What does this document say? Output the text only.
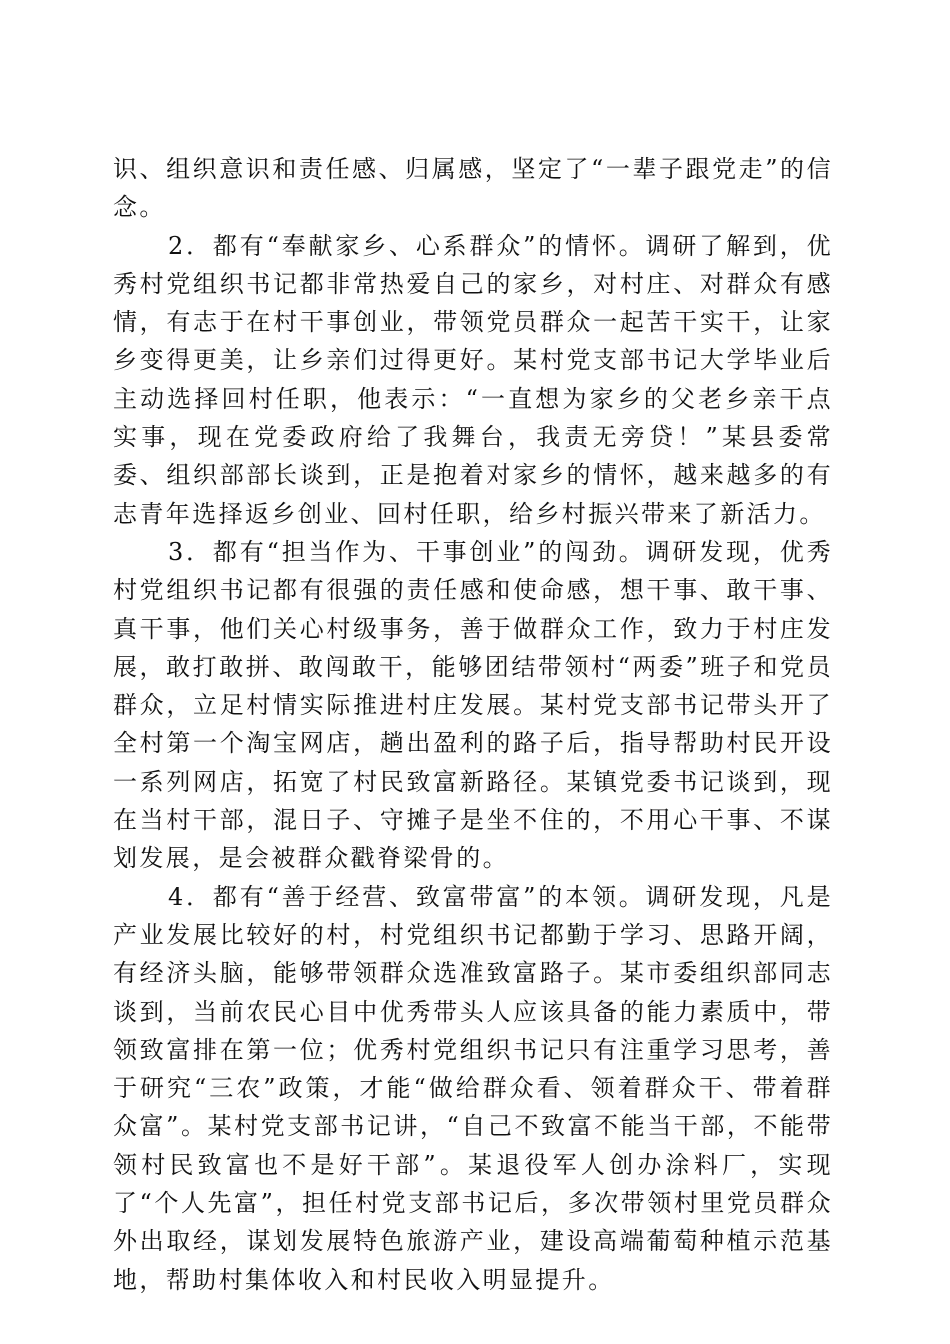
识、组织意识和责任感、归属感，坚定了“一辈子跟党走”的信念。

2．都有“奉献家乡、心系群众”的情怀。调研了解到，优秀村党组织书记都非常热爱自己的家乡，对村庄、对群众有感情，有志于在村干事创业，带领党员群众一起苦干实干，让家乡变得更美，让乡亲们过得更好。某村党支部书记大学毕业后主动选择回村任职，他表示：“一直想为家乡的父老乡亲干点实事，现在党委政府给了我舞台，我责无旁贷！”某县委常委、组织部部长谈到，正是抱着对家乡的情怀，越来越多的有志青年选择返乡创业、回村任职，给乡村振兴带来了新活力。

3．都有“担当作为、干事创业”的闯劲。调研发现，优秀村党组织书记都有很强的责任感和使命感，想干事、敢干事、真干事，他们关心村级事务，善于做群众工作，致力于村庄发展，敢打敢拼、敢闯敢干，能够团结带领村“两委”班子和党员群众，立足村情实际推进村庄发展。某村党支部书记带头开了全村第一个淘宝网店，趟出盈利的路子后，指导帮助村民开设一系列网店，拓宽了村民致富新路径。某镇党委书记谈到，现在当村干部，混日子、守摊子是坐不住的，不用心干事、不谋划发展，是会被群众戳脊梁骨的。

4．都有“善于经营、致富带富”的本领。调研发现，凡是产业发展比较好的村，村党组织书记都勤于学习、思路开阔，有经济头脑，能够带领群众选准致富路子。某市委组织部同志谈到，当前农民心目中优秀带头人应该具备的能力素质中，带领致富排在第一位；优秀村党组织书记只有注重学习思考，善于研究“三农”政策，才能“做给群众看、领着群众干、带着群众富”。某村党支部书记讲，“自己不致富不能当干部，不能带领村民致富也不是好干部”。某退役军人创办涂料厂，实现了“个人先富”，担任村党支部书记后，多次带领村里党员群众外出取经，谋划发展特色旅游产业，建设高端葡萄种植示范基地，帮助村集体收入和村民收入明显提升。
